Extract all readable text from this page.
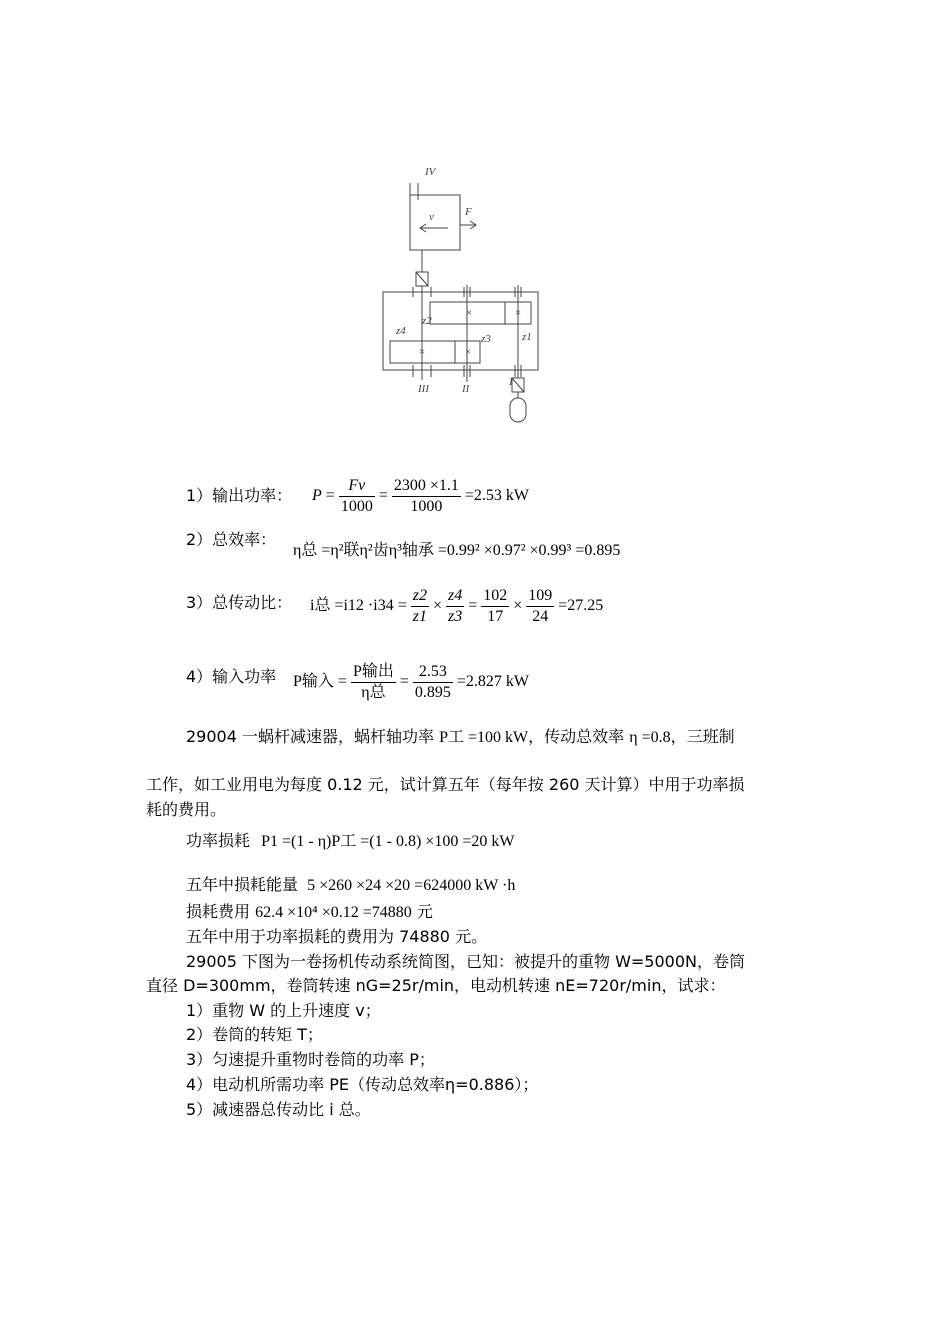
IV
v	F
×	×
×	×
z4
z2
z3	z1
III	II
I
1）输出功率： $P = \frac{Fv}{1000} = \frac{2300 \times 1.1}{1000} =2.53$ kW
2）总效率：
η总 =η²联η²齿η³轴承 =0.99² ×0.97² ×0.99³ =0.895
3）总传动比： i总 $=i12 \cdot i34 = \frac{z2}{z1} \times \frac{z4}{z3} = \frac{102}{17} \times \frac{109}{24} =27.25$
4）输入功率 P输入 = $\frac{\text{P输出}}{\text{η总}} = \frac{2.53}{0.895} =2.827$ kW
29004 一蜗杆减速器，蜗杆轴功率 P工 =100 kW，传动总效率 η =0.8，三班制
工作，如工业用电为每度 0.12 元，试计算五年（每年按 260 天计算）中用于功率损
耗的费用。
功率损耗 P1 =(1 - η)P工 =(1 - 0.8) ×100 =20 kW
五年中损耗能量 5 ×260 ×24 ×20 =624000 kW ·h
损耗费用 62.4 ×10⁴ ×0.12 =74880 元
五年中用于功率损耗的费用为 74880 元。
29005 下图为一卷扬机传动系统简图，已知：被提升的重物 W=5000N，卷筒
直径 D=300mm，卷筒转速 nG=25r/min，电动机转速 nE=720r/min，试求：
1）重物 W 的上升速度 v；
2）卷筒的转矩 T；
3）匀速提升重物时卷筒的功率 P；
4）电动机所需功率 PE（传动总效率η=0.886）；
5）减速器总传动比 i 总。
